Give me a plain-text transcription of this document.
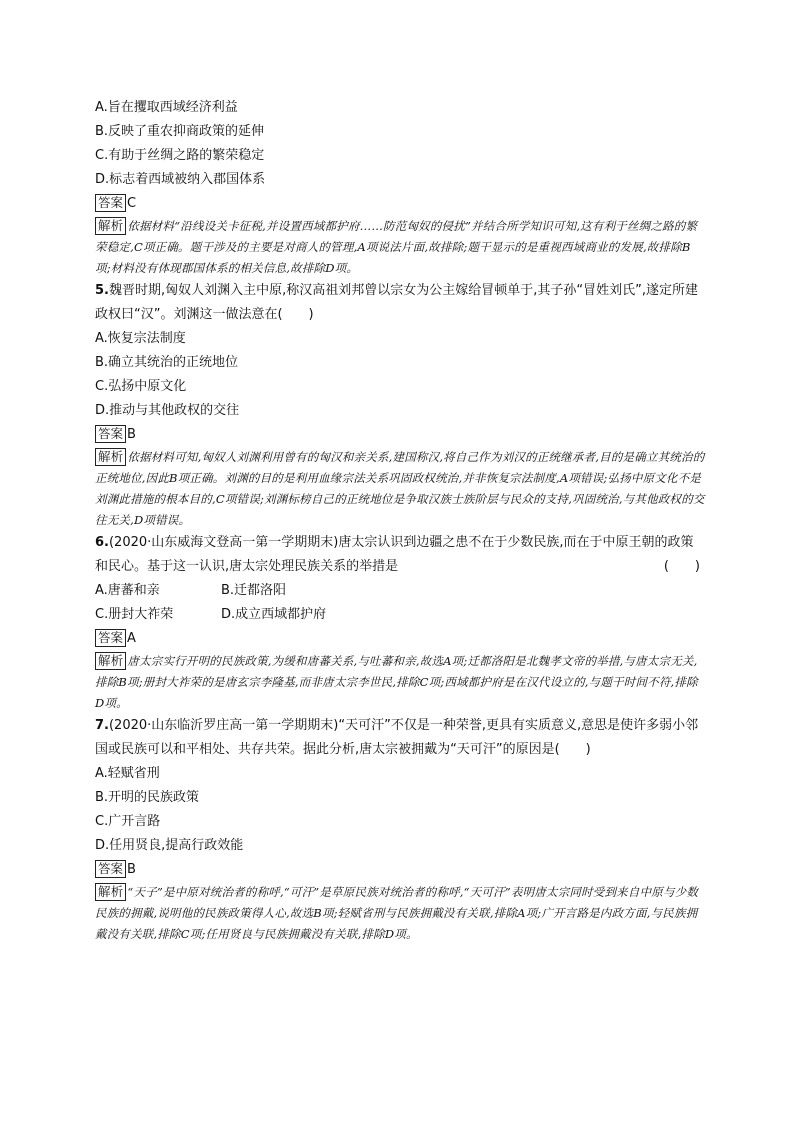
A.旨在攫取西域经济利益
B.反映了重农抑商政策的延伸
C.有助于丝绸之路的繁荣稳定
D.标志着西域被纳入郡国体系
答案 C
解析 依据材料“沿线设关卡征税,并设置西域都护府……防范匈奴的侵扰”并结合所学知识可知,这有利于丝绸之路的繁荣稳定,C项正确。题干涉及的主要是对商人的管理,A项说法片面,故排除;题干显示的是重视西域商业的发展,故排除B项;材料没有体现郡国体系的相关信息,故排除D项。
5.魏晋时期,匈奴人刘渊入主中原,称汉高祖刘邦曾以宗女为公主嫁给冒顿单于,其子孙“冒姓刘氏”,遂定所建政权曰“汉”。刘渊这一做法意在(　　)
A.恢复宗法制度
B.确立其统治的正统地位
C.弘扬中原文化
D.推动与其他政权的交往
答案 B
解析 依据材料可知,匈奴人刘渊利用曾有的匈汉和亲关系,建国称汉,将自己作为刘汉的正统继承者,目的是确立其统治的正统地位,因此B项正确。刘渊的目的是利用血缘宗法关系巩固政权统治,并非恢复宗法制度,A项错误;弘扬中原文化不是刘渊此措施的根本目的,C项错误;刘渊标榜自己的正统地位是争取汉族士族阶层与民众的支持,巩固统治,与其他政权的交往无关,D项错误。
6.(2020·山东威海文登高一第一学期期末)唐太宗认识到边疆之患不在于少数民族,而在于中原王朝的政策和民心。基于这一认识,唐太宗处理民族关系的举措是	(　　)
A.唐蕃和亲	B.迁都洛阳
C.册封大祚荣	D.成立西域都护府
答案 A
解析 唐太宗实行开明的民族政策,为缓和唐蕃关系,与吐蕃和亲,故选A项;迁都洛阳是北魏孝文帝的举措,与唐太宗无关,排除B项;册封大祚荣的是唐玄宗李隆基,而非唐太宗李世民,排除C项;西域都护府是在汉代设立的,与题干时间不符,排除D项。
7.(2020·山东临沂罗庄高一第一学期期末)“天可汗”不仅是一种荣誉,更具有实质意义,意思是使许多弱小邻国或民族可以和平相处、共存共荣。据此分析,唐太宗被拥戴为“天可汗”的原因是(　　)
A.轻赋省刑
B.开明的民族政策
C.广开言路
D.任用贤良,提高行政效能
答案 B
解析 “天子”是中原对统治者的称呼,“可汗”是草原民族对统治者的称呼,“天可汗”表明唐太宗同时受到来自中原与少数民族的拥戴,说明他的民族政策得人心,故选B项;轻赋省刑与民族拥戴没有关联,排除A项;广开言路是内政方面,与民族拥戴没有关联,排除C项;任用贤良与民族拥戴没有关联,排除D项。
